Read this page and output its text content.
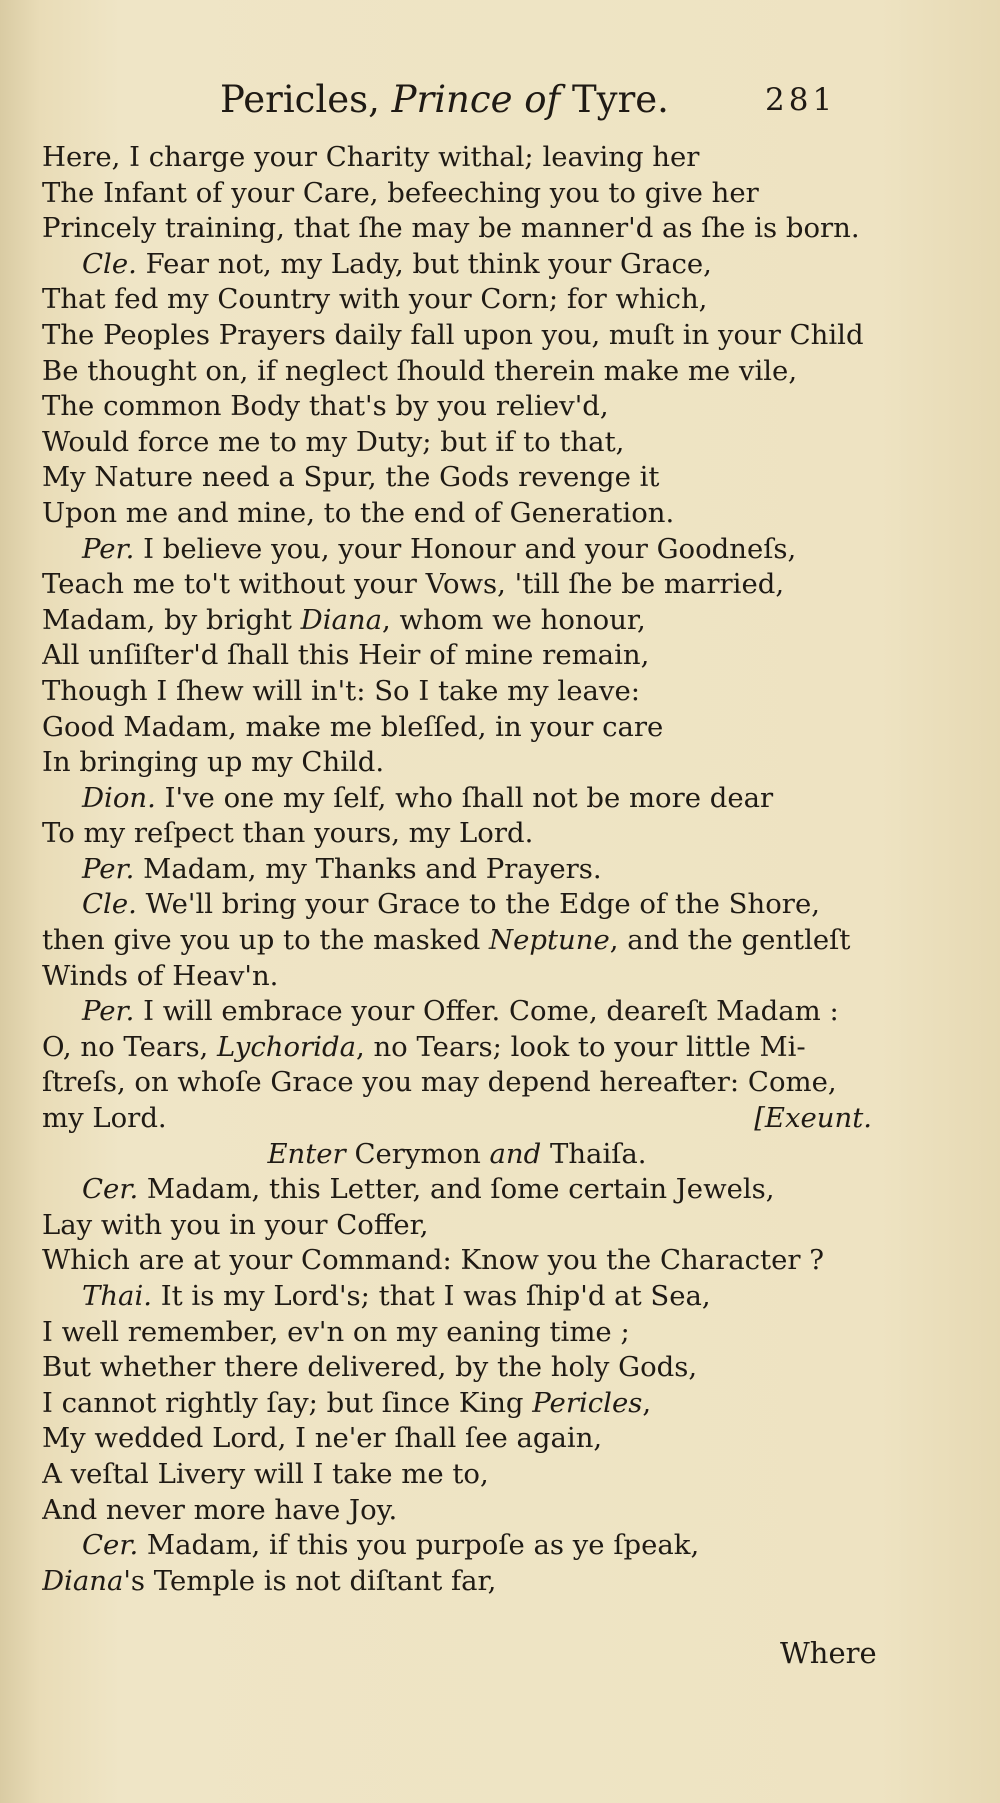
Pericles, Prince of Tyre.	281
Here, I charge your Charity withal; leaving her
The Infant of your Care, befeeching you to give her
Princely training, that ſhe may be manner'd as ſhe is born.
Cle. Fear not, my Lady, but think your Grace,
That fed my Country with your Corn; for which,
The Peoples Prayers daily fall upon you, muſt in your Child
Be thought on, if neglect ſhould therein make me vile,
The common Body that's by you reliev'd,
Would force me to my Duty; but if to that,
My Nature need a Spur, the Gods revenge it
Upon me and mine, to the end of Generation.
Per. I believe you, your Honour and your Goodneſs,
Teach me to't without your Vows, 'till ſhe be married,
Madam, by bright Diana, whom we honour,
All unſiſter'd ſhall this Heir of mine remain,
Though I ſhew will in't: So I take my leave:
Good Madam, make me bleſſed, in your care
In bringing up my Child.
Dion. I've one my ſelf, who ſhall not be more dear
To my reſpect than yours, my Lord.
Per. Madam, my Thanks and Prayers.
Cle. We'll bring your Grace to the Edge of the Shore,
then give you up to the masked Neptune, and the gentleſt
Winds of Heav'n.
Per. I will embrace your Offer. Come, deareſt Madam :
O, no Tears, Lychorida, no Tears; look to your little Mi-
ſtreſs, on whoſe Grace you may depend hereafter: Come,
my Lord.	[Exeunt.
Enter Cerymon and Thaiſa.
Cer. Madam, this Letter, and ſome certain Jewels,
Lay with you in your Coffer,
Which are at your Command: Know you the Character ?
Thai. It is my Lord's; that I was ſhip'd at Sea,
I well remember, ev'n on my eaning time ;
But whether there delivered, by the holy Gods,
I cannot rightly ſay; but ſince King Pericles,
My wedded Lord, I ne'er ſhall ſee again,
A veſtal Livery will I take me to,
And never more have Joy.
Cer. Madam, if this you purpoſe as ye ſpeak,
Diana's Temple is not diſtant far,
Where
